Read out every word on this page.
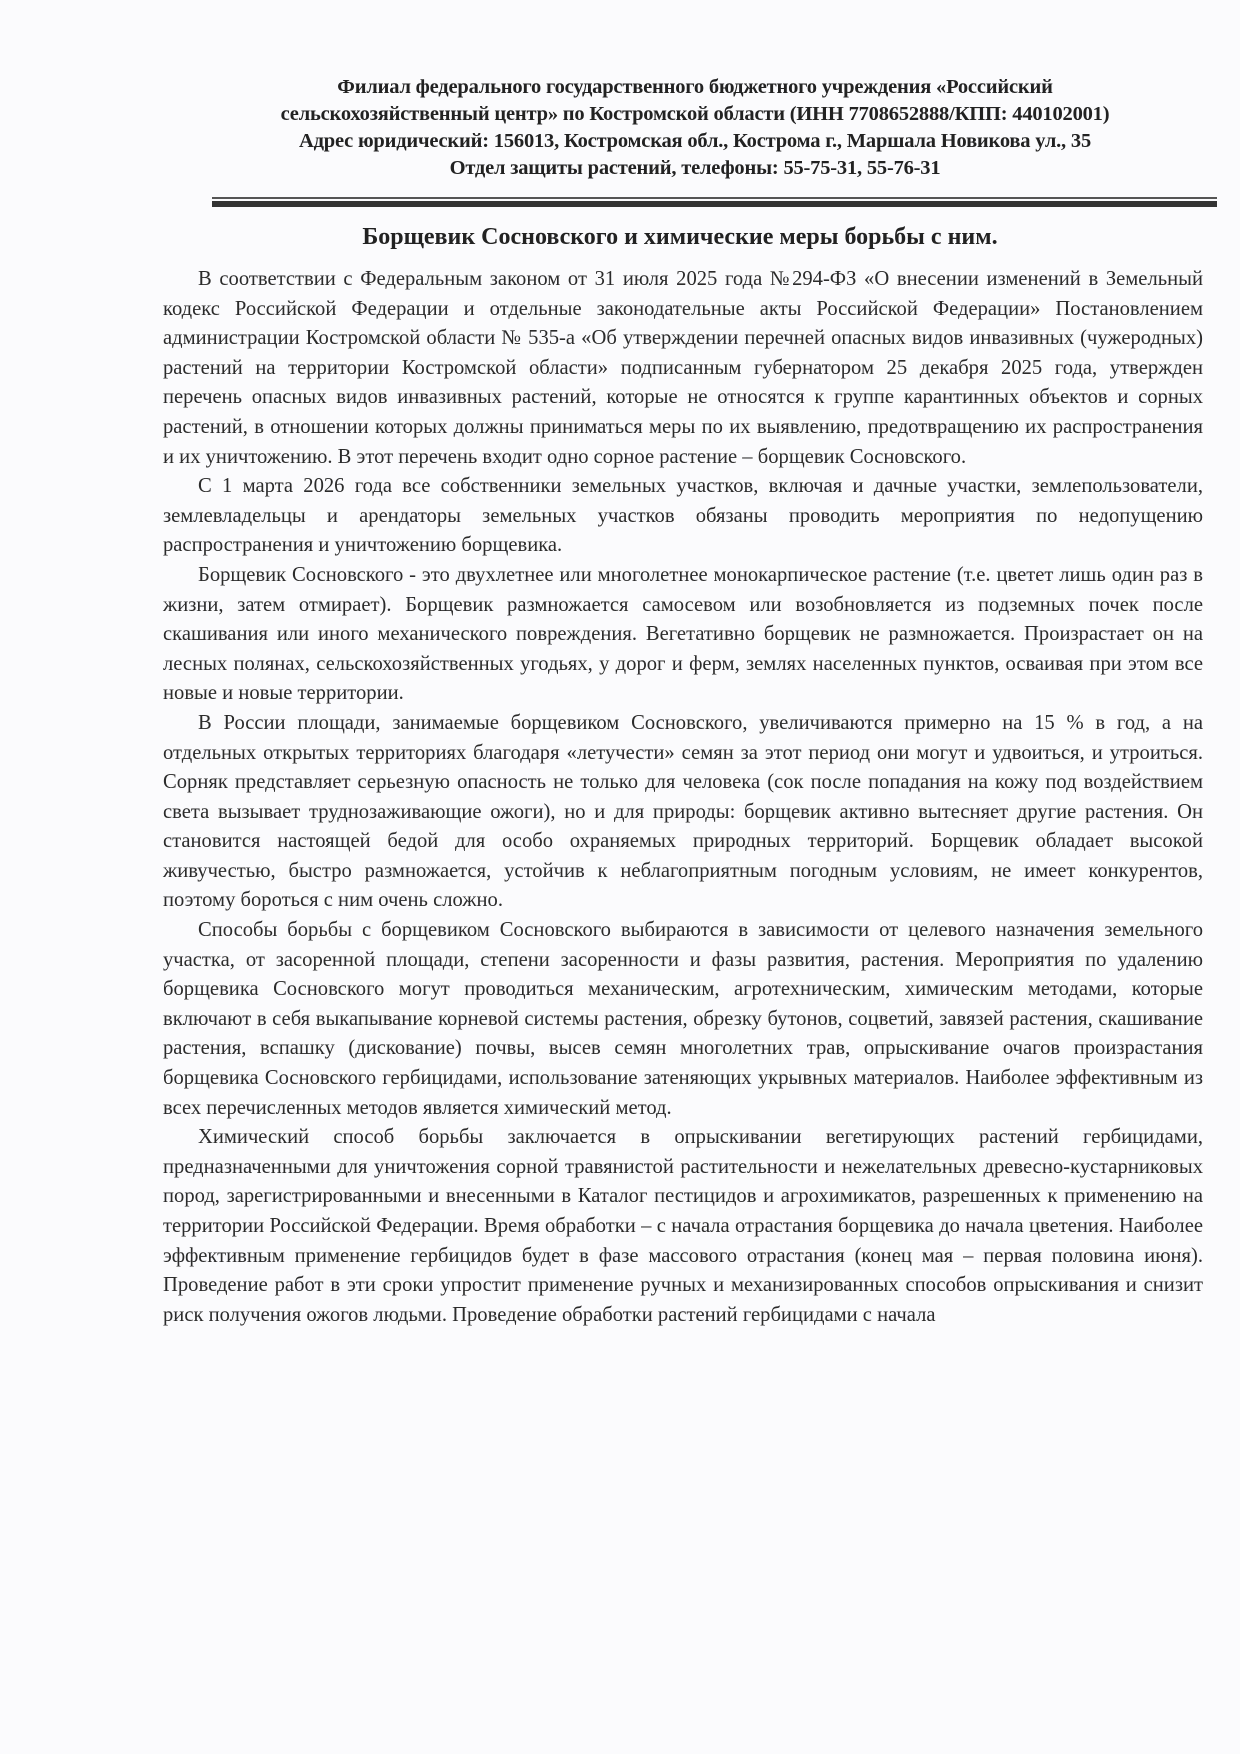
Филиал федерального государственного бюджетного учреждения «Российский
сельскохозяйственный центр» по Костромской области (ИНН 7708652888/КПП: 440102001)
Адрес юридический: 156013, Костромская обл., Кострома г., Маршала Новикова ул., 35
Отдел защиты растений, телефоны: 55-75-31, 55-76-31
Борщевик Сосновского и химические меры борьбы с ним.

В соответствии с Федеральным законом от 31 июля 2025 года №294-ФЗ «О внесении изменений в Земельный кодекс Российской Федерации и отдельные законодательные акты Российской Федерации» Постановлением администрации Костромской области № 535-а «Об утверждении перечней опасных видов инвазивных (чужеродных) растений на территории Костромской области» подписанным губернатором 25 декабря 2025 года, утвержден перечень опасных видов инвазивных растений, которые не относятся к группе карантинных объектов и сорных растений, в отношении которых должны приниматься меры по их выявлению, предотвращению их распространения и их уничтожению. В этот перечень входит одно сорное растение – борщевик Сосновского.

С 1 марта 2026 года все собственники земельных участков, включая и дачные участки, землепользователи, землевладельцы и арендаторы земельных участков обязаны проводить мероприятия по недопущению распространения и уничтожению борщевика.

Борщевик Сосновского - это двухлетнее или многолетнее монокарпическое растение (т.е. цветет лишь один раз в жизни, затем отмирает). Борщевик размножается самосевом или возобновляется из подземных почек после скашивания или иного механического повреждения. Вегетативно борщевик не размножается. Произрастает он на лесных полянах, сельскохозяйственных угодьях, у дорог и ферм, землях населенных пунктов, осваивая при этом все новые и новые территории.

В России площади, занимаемые борщевиком Сосновского, увеличиваются примерно на 15 % в год, а на отдельных открытых территориях благодаря «летучести» семян за этот период они могут и удвоиться, и утроиться. Сорняк представляет серьезную опасность не только для человека (сок после попадания на кожу под воздействием света вызывает трудн​озаживающие ожоги), но и для природы: борщевик активно вытесняет другие растения. Он становится настоящей бедой для особо охраняемых природных территорий. Борщевик обладает высокой живучестью, быстро размножается, устойчив к неблагоприятным погодным условиям, не имеет конкурентов, поэтому бороться с ним очень сложно.

Способы борьбы с борщевиком Сосновского выбираются в зависимости от целевого назначения земельного участка, от засоренной площади, степени засоренности и фазы развития, растения. Мероприятия по удалению борщевика Сосновского могут проводиться механическим, агротехническим, химическим методами, которые включают в себя выкапывание корневой системы растения, обрезку бутонов, соцветий, завязей растения, скашивание растения, вспашку (дискование) почвы, высев семян многолетних трав, опрыскивание очагов произрастания борщевика Сосновского гербицидами, использование затеняющих укрывных материалов. Наиболее эффективным из всех перечисленных методов является химический метод.

Химический способ борьбы заключается в опрыскивании вегетирующих растений гербицидами, предназначенными для уничтожения сорной травянистой растительности и нежелательных древесно-кустарниковых пород, зарегистрированными и внесенными в Каталог пестицидов и агрохимикатов, разрешенных к применению на территории Российской Федерации. Время обработки – с начала отрастания борщевика до начала цветения. Наиболее эффективным применение гербицидов будет в фазе массового отрастания (конец мая – первая половина июня). Проведение работ в эти сроки упростит применение ручных и механизированных способов опрыскивания и снизит риск получения ожогов людьми. Проведение обработки растений гербицидами с начала
